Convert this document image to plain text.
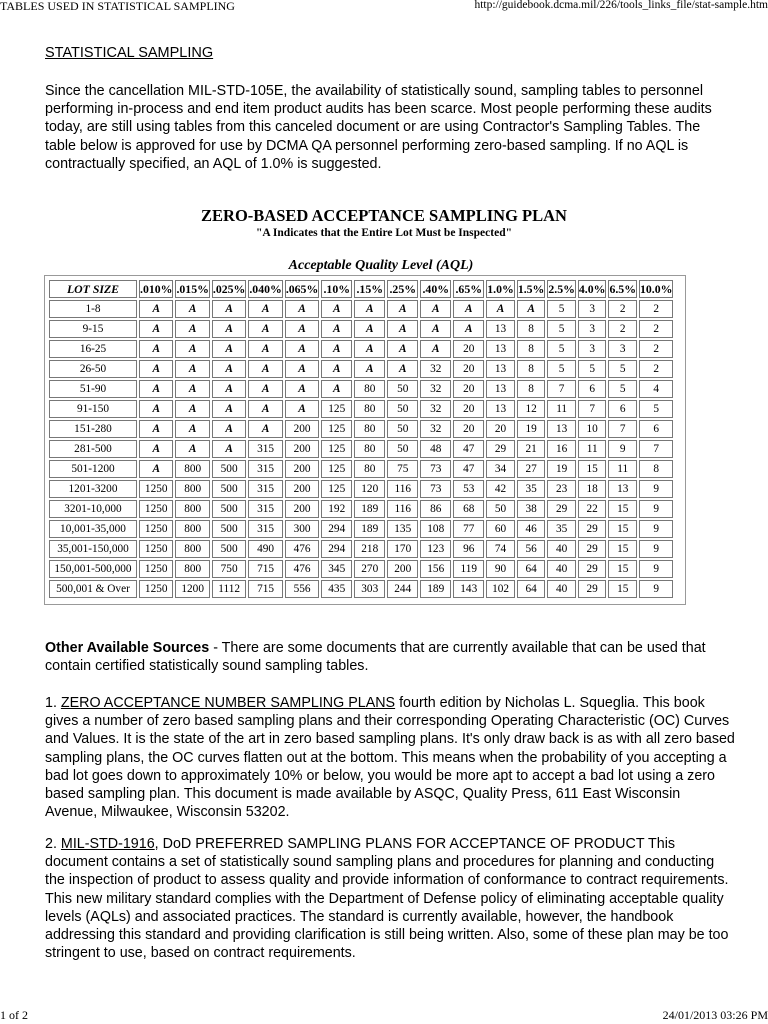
TABLES USED IN STATISTICAL SAMPLING	http://guidebook.dcma.mil/226/tools_links_file/stat-sample.htm
STATISTICAL SAMPLING
Since the cancellation MIL-STD-105E, the availability of statistically sound, sampling tables to personnel performing in-process and end item product audits has been scarce. Most people performing these audits today, are still using tables from this canceled document or are using Contractor's Sampling Tables. The table below is approved for use by DCMA QA personnel performing zero-based sampling. If no AQL is contractually specified, an AQL of 1.0% is suggested.
ZERO-BASED ACCEPTANCE SAMPLING PLAN
"A Indicates that the Entire Lot Must be Inspected"
Acceptable Quality Level (AQL)
LOT SIZE	.010%	.015%	.025%	.040%	.065%	.10%	.15%	.25%	.40%	.65%	1.0%	1.5%	2.5%	4.0%	6.5%	10.0%
1-8	A	A	A	A	A	A	A	A	A	A	A	A	5	3	2	2
9-15	A	A	A	A	A	A	A	A	A	A	13	8	5	3	2	2
16-25	A	A	A	A	A	A	A	A	A	20	13	8	5	3	3	2
26-50	A	A	A	A	A	A	A	A	32	20	13	8	5	5	5	2
51-90	A	A	A	A	A	A	80	50	32	20	13	8	7	6	5	4
91-150	A	A	A	A	A	125	80	50	32	20	13	12	11	7	6	5
151-280	A	A	A	A	200	125	80	50	32	20	20	19	13	10	7	6
281-500	A	A	A	315	200	125	80	50	48	47	29	21	16	11	9	7
501-1200	A	800	500	315	200	125	80	75	73	47	34	27	19	15	11	8
1201-3200	1250	800	500	315	200	125	120	116	73	53	42	35	23	18	13	9
3201-10,000	1250	800	500	315	200	192	189	116	86	68	50	38	29	22	15	9
10,001-35,000	1250	800	500	315	300	294	189	135	108	77	60	46	35	29	15	9
35,001-150,000	1250	800	500	490	476	294	218	170	123	96	74	56	40	29	15	9
150,001-500,000	1250	800	750	715	476	345	270	200	156	119	90	64	40	29	15	9
500,001 & Over	1250	1200	1112	715	556	435	303	244	189	143	102	64	40	29	15	9
Other Available Sources - There are some documents that are currently available that can be used that contain certified statistically sound sampling tables.
1. ZERO ACCEPTANCE NUMBER SAMPLING PLANS fourth edition by Nicholas L. Squeglia. This book gives a number of zero based sampling plans and their corresponding Operating Characteristic (OC) Curves and Values. It is the state of the art in zero based sampling plans. It's only draw back is as with all zero based sampling plans, the OC curves flatten out at the bottom. This means when the probability of you accepting a bad lot goes down to approximately 10% or below, you would be more apt to accept a bad lot using a zero based sampling plan. This document is made available by ASQC, Quality Press, 611 East Wisconsin Avenue, Milwaukee, Wisconsin 53202.
2. MIL-STD-1916, DoD PREFERRED SAMPLING PLANS FOR ACCEPTANCE OF PRODUCT This document contains a set of statistically sound sampling plans and procedures for planning and conducting the inspection of product to assess quality and provide information of conformance to contract requirements. This new military standard complies with the Department of Defense policy of eliminating acceptable quality levels (AQLs) and associated practices. The standard is currently available, however, the handbook addressing this standard and providing clarification is still being written. Also, some of these plan may be too stringent to use, based on contract requirements.
1 of 2	24/01/2013 03:26 PM
